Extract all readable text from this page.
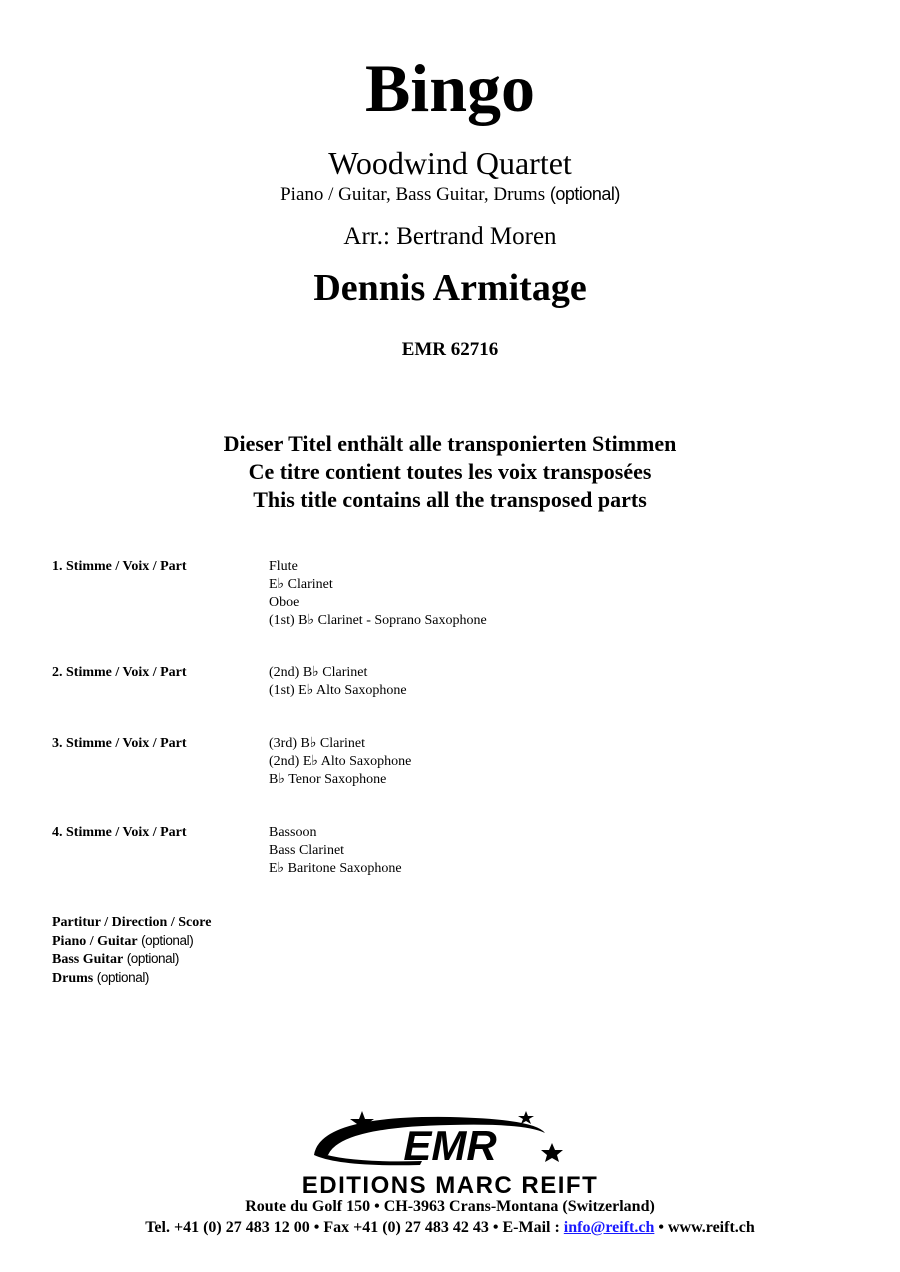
Bingo
Woodwind Quartet
Piano / Guitar, Bass Guitar, Drums (optional)
Arr.: Bertrand Moren
Dennis Armitage
EMR 62716
Dieser Titel enthält alle transponierten Stimmen
Ce titre contient toutes les voix transposées
This title contains all the transposed parts
1. Stimme / Voix / Part	Flute
E♭ Clarinet
Oboe
(1st) B♭ Clarinet - Soprano Saxophone
2. Stimme / Voix / Part	(2nd) B♭ Clarinet
(1st) E♭ Alto Saxophone
3. Stimme / Voix / Part	(3rd) B♭ Clarinet
(2nd) E♭ Alto Saxophone
B♭ Tenor Saxophone
4. Stimme / Voix / Part	Bassoon
Bass Clarinet
E♭ Baritone Saxophone
Partitur / Direction / Score
Piano / Guitar (optional)
Bass Guitar (optional)
Drums (optional)
EMR
EDITIONS MARC REIFT
Route du Golf 150 • CH-3963 Crans-Montana (Switzerland)
Tel. +41 (0) 27 483 12 00 • Fax +41 (0) 27 483 42 43 • E-Mail : info@reift.ch • www.reift.ch
